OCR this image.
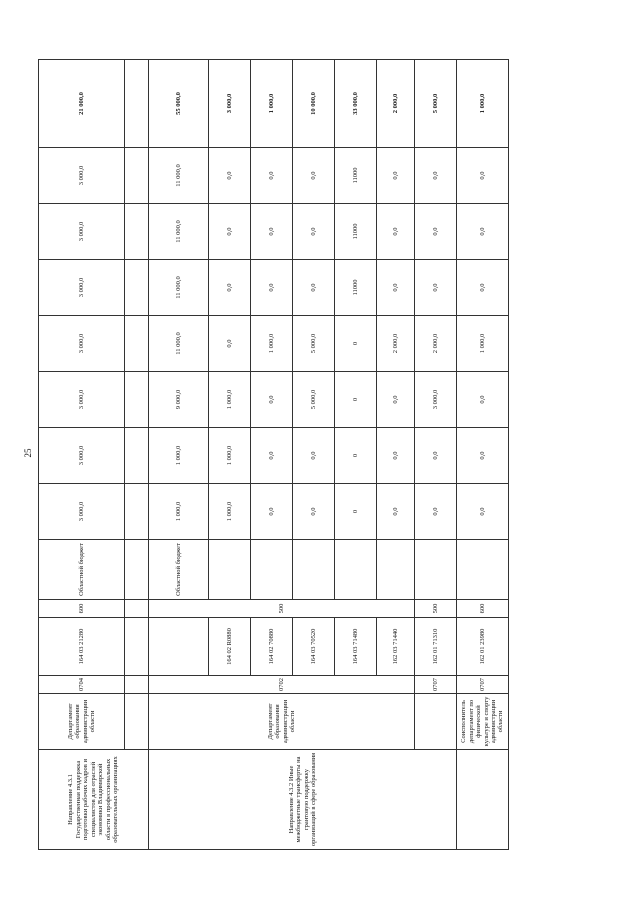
25
Направление 4.3.1 Государственная поддержка подготовки рабочих кадров и специалистов для отраслей экономики Владимирской области в профессиональных образовательных организациях	Департамент образования администрации области	0704	164 03 21280	600	Областной бюджет	3 000,0	3 000,0	3 000,0	3 000,0	3 000,0	3 000,0	3 000,0	21 000,0

Направление 4.3.2 Иные межбюджетные трансферты на грантовую поддержку организаций в сфере образования	Департамент образования администрации области	0702		500	Областной бюджет	1 000,0	1 000,0	9 000,0	11 000,0	11 000,0	11 000,0	11 000,0	55 000,0
			164 02 R0880			1 000,0	1 000,0	1 000,0	0,0	0,0	0,0	0,0	3 000,0
			164 02 70880			0,0	0,0	0,0	1 000,0	0,0	0,0	0,0	1 000,0
			164 03 70520			0,0	0,0	5 000,0	5 000,0	0,0	0,0	0,0	10 000,0
			164 03 71480			0	0	0	0	11000	11000	11000	33 000,0
			162 03 71440			0,0	0,0	0,0	2 000,0	0,0	0,0	0,0	2 000,0
		0707	162 01 71310	500		0,0	0,0	3 000,0	2 000,0	0,0	0,0	0,0	5 000,0
	Соисполнитель департамент по физической культуре и спорту администрации области	0707	162 01 23980	600		0,0	0,0	0,0	1 000,0	0,0	0,0	0,0	1 000,0
